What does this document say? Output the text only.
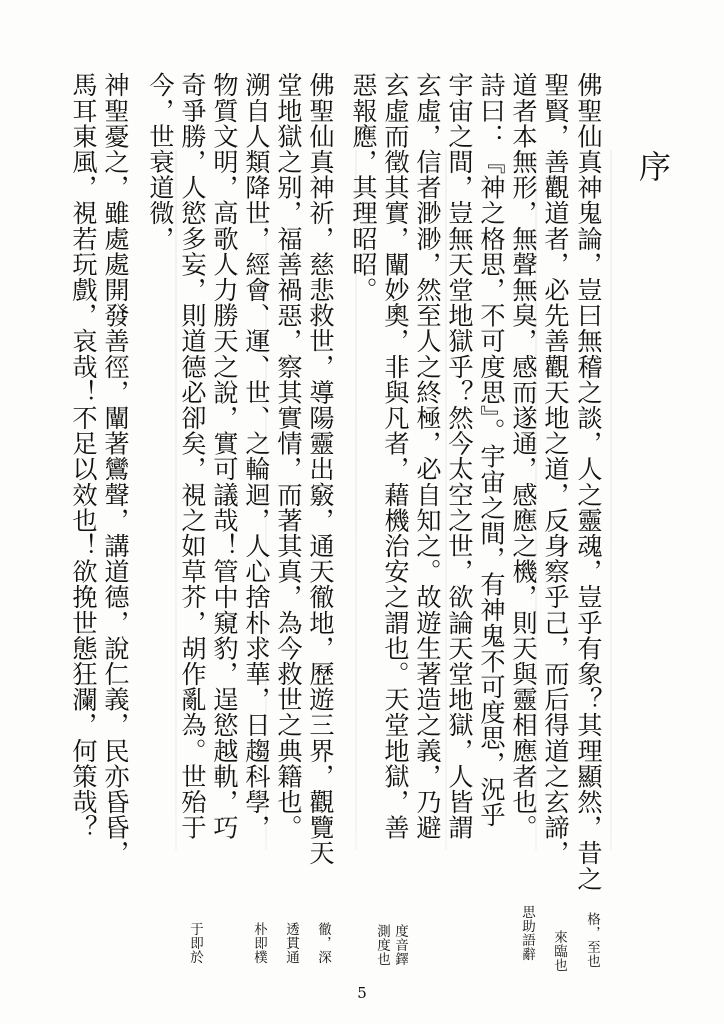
序
佛聖仙真神鬼論，豈曰無稽之談，人之靈魂，豈乎有象？其理顯然，昔之
聖賢，善觀道者，必先善觀天地之道，反身察乎己，而后得道之玄諦，
道者本無形，無聲無臭，感而遂通，感應之機，則天與靈相應者也。
詩曰：『神之格思，不可度思』。宇宙之間，有神鬼不可度思，況乎
宇宙之間，豈無天堂地獄乎？然今太空之世，欲論天堂地獄，人皆謂
玄虛，信者渺渺，然至人之終極，必自知之。故遊生著造之義，乃避
玄虛而徵其實，闡妙奧，非與凡者，藉機治安之謂也。天堂地獄，善
惡報應，其理昭昭。
佛聖仙真神祈，慈悲救世，導陽靈出竅，通天徹地，歷遊三界，觀覽天
堂地獄之别，福善禍惡，察其實情，而著其真，為今救世之典籍也。
溯自人類降世，經會、運、世、之輪迴，人心捨朴求華，日趨科學，
物質文明，高歌人力勝天之說，實可議哉！管中窺豹，逞慾越軌，巧
奇爭勝，人慾多妄，則道德必卻矣，視之如草芥，胡作亂為。世殆于
今，世衰道微，
神聖憂之，雖處處開發善徑，闡著鸞聲，講道德，說仁義，民亦昏昏，
馬耳東風，視若玩戲，哀哉！不足以效也！欲挽世態狂瀾，何策哉？
格，至也
來臨也
思助語辭
度音鐸
測度也
徹，深
透貫通
朴即樸
于即於
5
